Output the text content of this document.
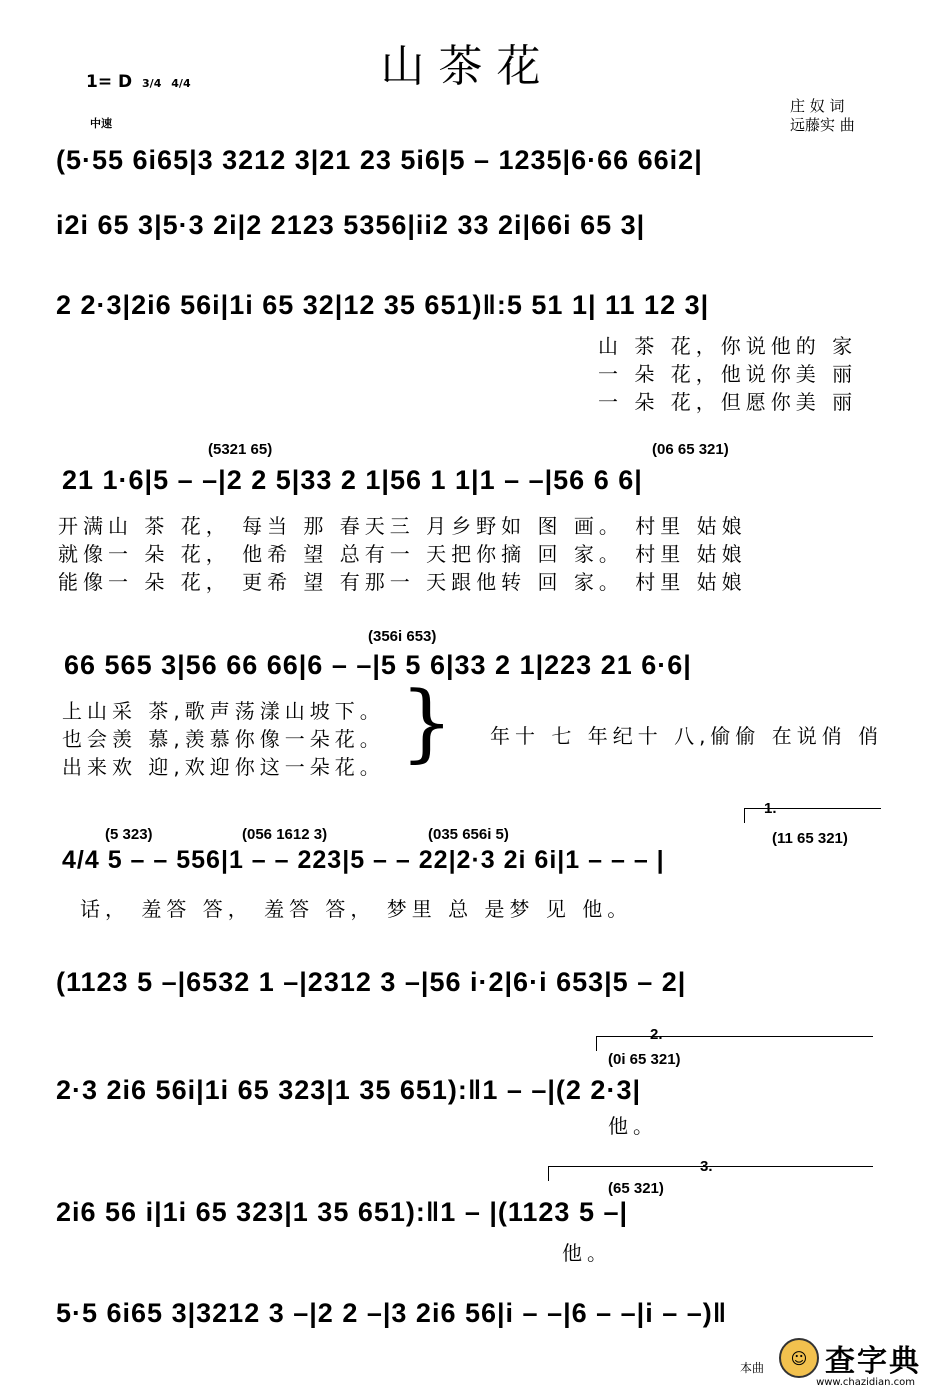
山茶花
1= D 3/4 4/4
中速
庄 奴 词
远藤实 曲
(5·55 6i65|3 3212 3|21 23 5i6|5 – 1235|6·66 66i2|
i2i 65 3|5·3 2i|2 2123 5356|ii2 33 2i|66i 65 3|
2 2·3|2i6 56i|1i 65 32|12 35 651)‖:5 51 1| 11 12 3|
山 茶 花，你说他的 家
一 朵 花，他说你美 丽
一 朵 花，但愿你美 丽
(5321 65)	(06 65 321)
21 1·6|5 – –|2 2 5|33 2 1|56 1 1|1 – –|56 6 6|
开满山 茶 花， 每当 那 春天三 月乡野如 图 画。 村里 姑娘
就像一 朵 花， 他希 望 总有一 天把你摘 回 家。 村里 姑娘
能像一 朵 花， 更希 望 有那一 天跟他转 回 家。 村里 姑娘
(356i 653)
66 565 3|56 66 66|6 – –|5 5 6|33 2 1|223 21 6·6|
上山采 茶,歌声荡漾山坡下。
也会羡 慕,羡慕你像一朵花。
出来欢 迎,欢迎你这一朵花。 } 年十 七 年纪十 八,偷偷 在说俏 俏
1.
(5 323)	(056 1612 3)	(035 656i 5)	(11 65 321)
4/4 5 – – 556|1 – – 223|5 – – 22|2·3 2i 6i|1 – – – |
话， 羞答 答， 羞答 答， 梦里 总 是梦 见 他。
(1123 5 –|6532 1 –|2312 3 –|56 i·2|6·i 653|5 – 2|
2.
(0i 65 321)
2·3 2i6 56i|1i 65 323|1 35 651):‖1 – –|(2 2·3|
他。
3.
(65 321)
2i6 56 i|1i 65 323|1 35 651):‖1 – |(1123 5 –|
他。
5·5 6i65 3|3212 3 –|2 2 –|3 2i6 56|i – –|6 – –|i – –)‖
本曲
☺ 查字典
www.chazidian.com
